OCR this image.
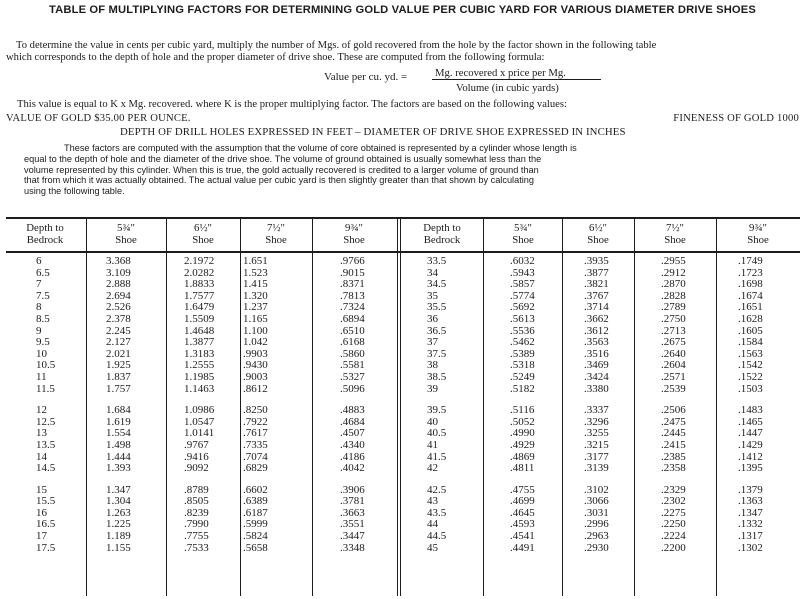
TABLE OF MULTIPLYING FACTORS FOR DETERMINING GOLD VALUE PER CUBIC YARD FOR VARIOUS DIAMETER DRIVE SHOES
To determine the value in cents per cubic yard, multiply the number of Mgs. of gold recovered from the hole by the factor shown in the following table
which corresponds to the depth of hole and the proper diameter of drive shoe. These are computed from the following formula:
Value per cu. yd. =	Mg. recovered x price per Mg.
Volume (in cubic yards)
This value is equal to K x Mg. recovered. where K is the proper multiplying factor. The factors are based on the following values:
VALUE OF GOLD $35.00 PER OUNCE.	FINENESS OF GOLD 1000
DEPTH OF DRILL HOLES EXPRESSED IN FEET – DIAMETER OF DRIVE SHOE EXPRESSED IN INCHES
These factors are computed with the assumption that the volume of core obtained is represented by a cylinder whose length is
equal to the depth of hole and the diameter of the drive shoe. The volume of ground obtained is usually somewhat less than the
volume represented by this cylinder. When this is true, the gold actually recovered is credited to a larger volume of ground than
that from which it was actually obtained. The actual value per cubic yard is then slightly greater than that shown by calculating
using the following table.
Depth to
Bedrock
5¾"
Shoe
6½"
Shoe
7½"
Shoe
9¾"
Shoe
Depth to
Bedrock
5¾"
Shoe
6½"
Shoe
7½"
Shoe
9¾"
Shoe
6
6.5
7
7.5
8
8.5
9
9.5
10
10.5
11
11.5
12
12.5
13
13.5
14
14.5
15
15.5
16
16.5
17
17.5
3.368
3.109
2.888
2.694
2.526
2.378
2.245
2.127
2.021
1.925
1.837
1.757
1.684
1.619
1.554
1.498
1.444
1.393
1.347
1.304
1.263
1.225
1.189
1.155
2.1972
2.0282
1.8833
1.7577
1.6479
1.5509
1.4648
1.3877
1.3183
1.2555
1.1985
1.1463
1.0986
1.0547
1.0141
.9767
.9416
.9092
.8789
.8505
.8239
.7990
.7755
.7533
1.651
1.523
1.415
1.320
1.237
1.165
1.100
1.042
.9903
.9430
.9003
.8612
.8250
.7922
.7617
.7335
.7074
.6829
.6602
.6389
.6187
.5999
.5824
.5658
.9766
.9015
.8371
.7813
.7324
.6894
.6510
.6168
.5860
.5581
.5327
.5096
.4883
.4684
.4507
.4340
.4186
.4042
.3906
.3781
.3663
.3551
.3447
.3348
33.5
34
34.5
35
35.5
36
36.5
37
37.5
38
38.5
39
39.5
40
40.5
41
41.5
42
42.5
43
43.5
44
44.5
45
.6032
.5943
.5857
.5774
.5692
.5613
.5536
.5462
.5389
.5318
.5249
.5182
.5116
.5052
.4990
.4929
.4869
.4811
.4755
.4699
.4645
.4593
.4541
.4491
.3935
.3877
.3821
.3767
.3714
.3662
.3612
.3563
.3516
.3469
.3424
.3380
.3337
.3296
.3255
.3215
.3177
.3139
.3102
.3066
.3031
.2996
.2963
.2930
.2955
.2912
.2870
.2828
.2789
.2750
.2713
.2675
.2640
.2604
.2571
.2539
.2506
.2475
.2445
.2415
.2385
.2358
.2329
.2302
.2275
.2250
.2224
.2200
.1749
.1723
.1698
.1674
.1651
.1628
.1605
.1584
.1563
.1542
.1522
.1503
.1483
.1465
.1447
.1429
.1412
.1395
.1379
.1363
.1347
.1332
.1317
.1302
